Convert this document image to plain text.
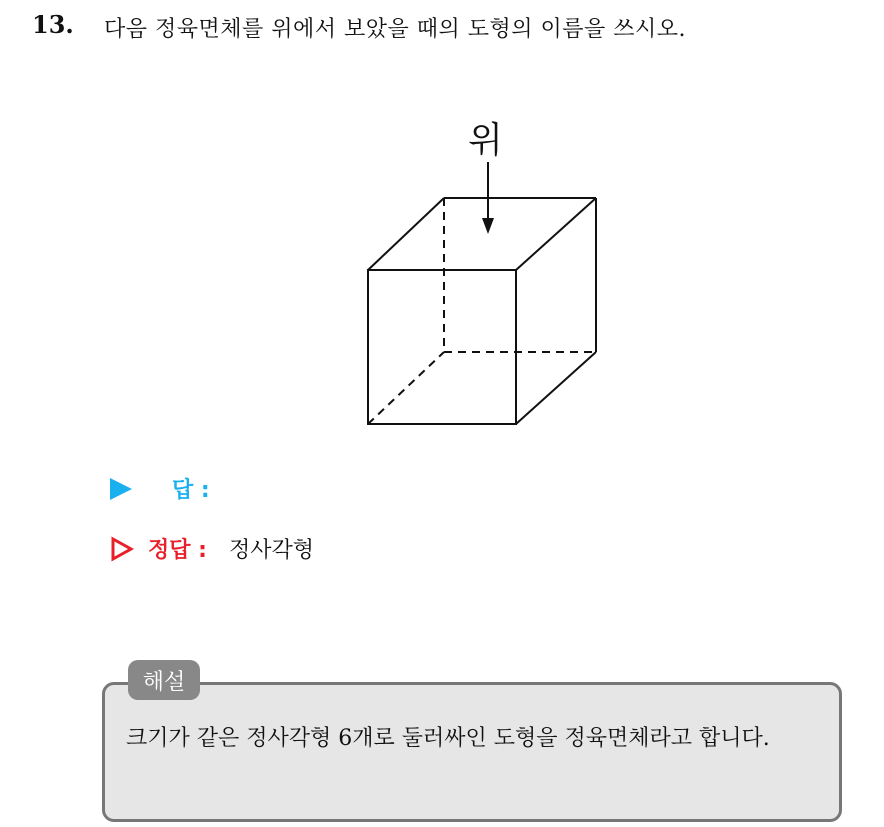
13. 다음 정육면체를 위에서 보았을 때의 도형의 이름을 쓰시오.
위
답 :
정답 : 정사각형
해설
크기가 같은 정사각형 6개로 둘러싸인 도형을 정육면체라고 합니다.
